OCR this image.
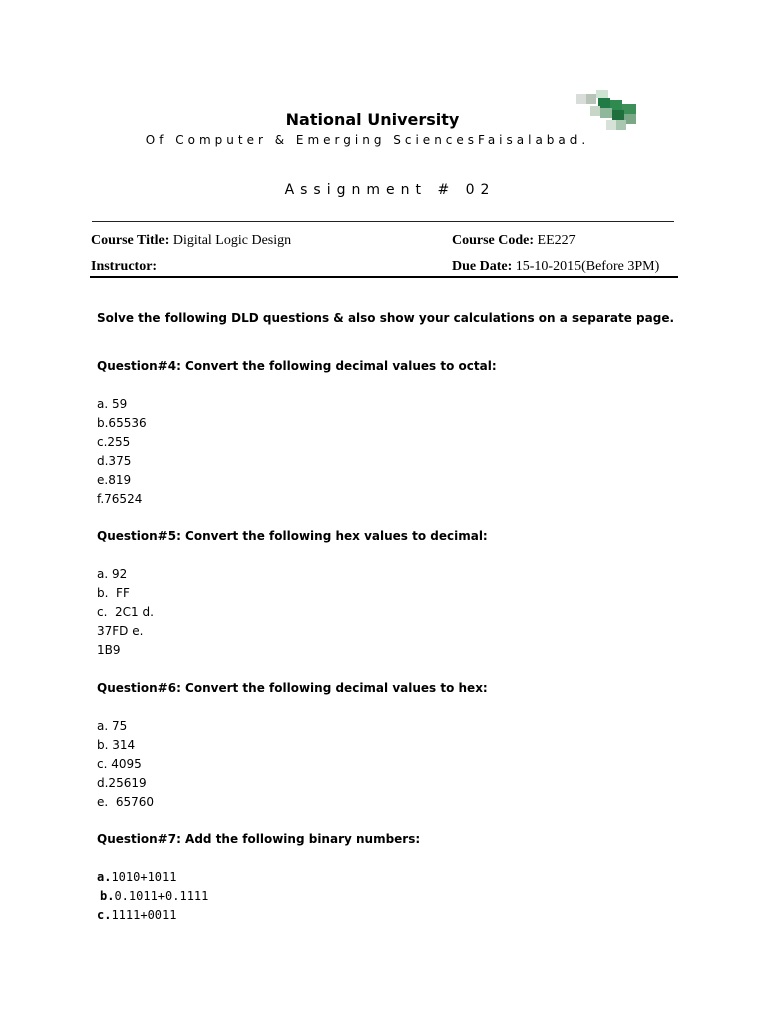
National University
Of Computer & Emerging SciencesFaisalabad.
Assignment # 02
Course Title: Digital Logic Design	Course Code: EE227
Instructor:	Due Date: 15-10-2015(Before 3PM)
Solve the following DLD questions & also show your calculations on a separate page.
Question#4: Convert the following decimal values to octal:
a. 59
b.65536
c.255
d.375
e.819
f.76524
Question#5: Convert the following hex values to decimal:
a. 92
b.  FF
c.  2C1 d.
37FD e.
1B9
Question#6: Convert the following decimal values to hex:
a. 75
b. 314
c. 4095
d.25619
e.  65760
Question#7: Add the following binary numbers:
a.1010+1011
b.0.1011+0.1111
c.1111+0011
